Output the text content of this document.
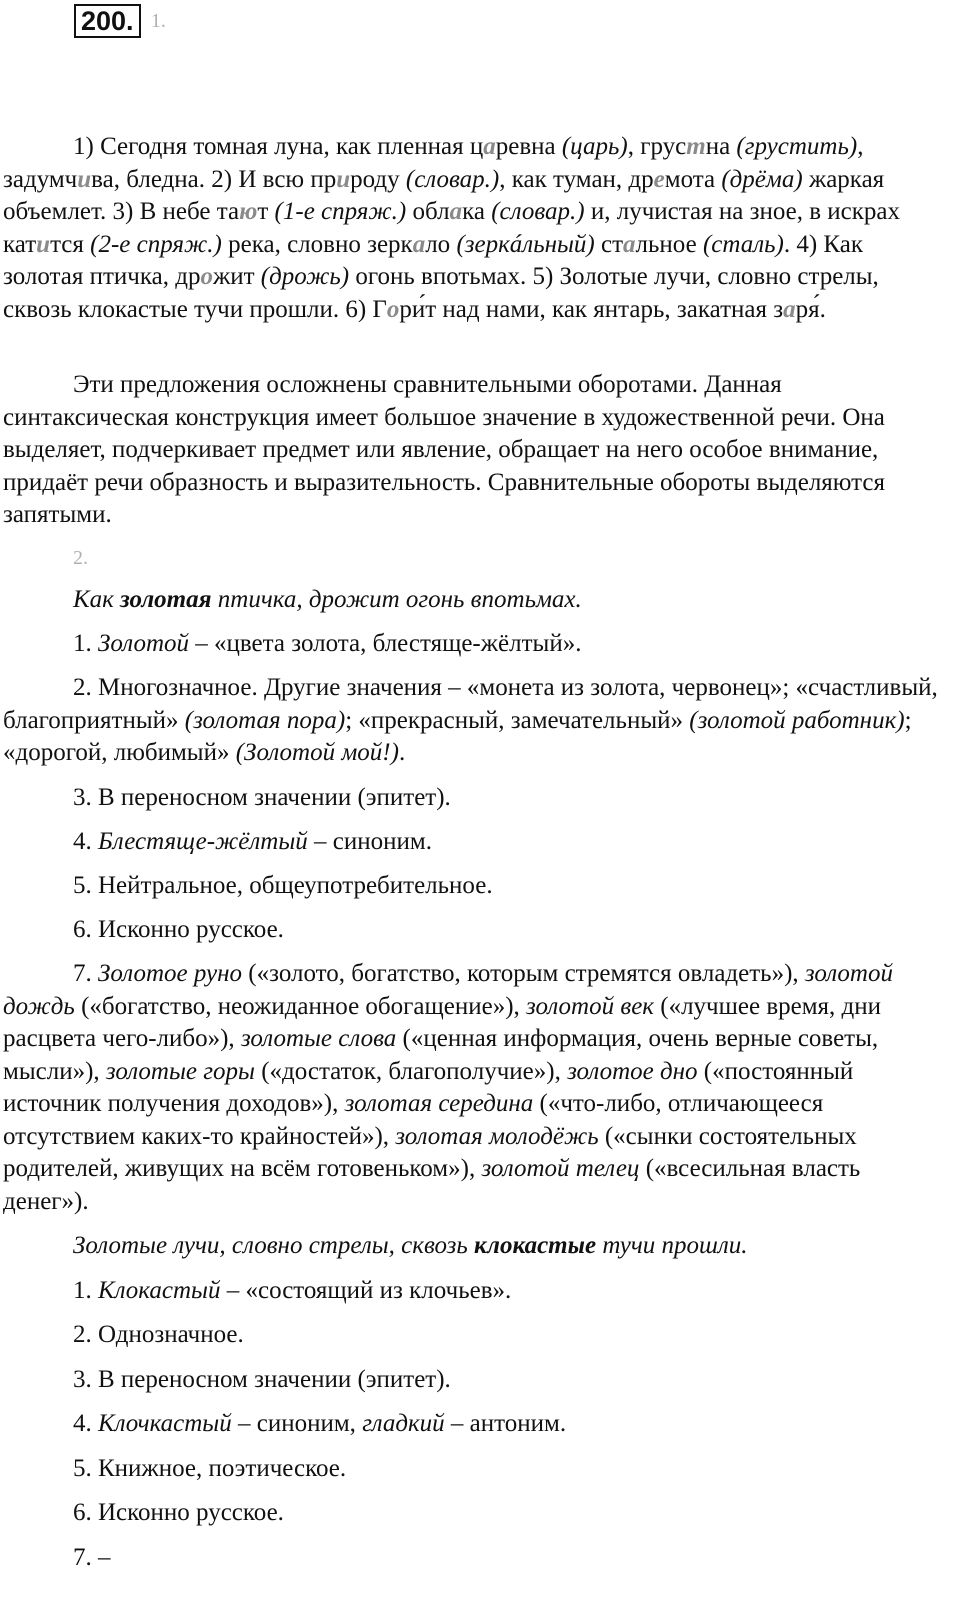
200. 1.

1) Сегодня томная луна, как пленная царевна (царь), грустна (грустить), задумчива, бледна. 2) И всю природу (словар.), как туман, дремота (дрёма) жаркая объемлет. 3) В небе тают (1-е спряж.) облака (словар.) и, лучистая на зное, в искрах катится (2-е спряж.) река, словно зеркало (зеркáльный) стальное (сталь). 4) Как золотая птичка, дрожит (дрожь) огонь впотьмах. 5) Золотые лучи, словно стрелы, сквозь клокастые тучи прошли. 6) Гори́т над нами, как янтарь, закатная заря́.

Эти предложения осложнены сравнительными оборотами. Данная синтаксическая конструкция имеет большое значение в художественной речи. Она выделяет, подчеркивает предмет или явление, обращает на него особое внимание, придаёт речи образность и выразительность. Сравнительные обороты выделяются запятыми.

2.

Как золотая птичка, дрожит огонь впотьмах.

1. Золотой – «цвета золота, блестяще-жёлтый».

2. Многозначное. Другие значения – «монета из золота, червонец»; «счастливый, благоприятный» (золотая пора); «прекрасный, замечательный» (золотой работник); «дорогой, любимый» (Золотой мой!).

3. В переносном значении (эпитет).

4. Блестяще-жёлтый – синоним.

5. Нейтральное, общеупотребительное.

6. Исконно русское.

7. Золотое руно («золото, богатство, которым стремятся овладеть»), золотой дождь («богатство, неожиданное обогащение»), золотой век («лучшее время, дни расцвета чего-либо»), золотые слова («ценная информация, очень верные советы, мысли»), золотые горы («достаток, благополучие»), золотое дно («постоянный источник получения доходов»), золотая середина («что-либо, отличающееся отсутствием каких-то крайностей»), золотая молодёжь («сынки состоятельных родителей, живущих на всём готовеньком»), золотой телец («всесильная власть денег»).

Золотые лучи, словно стрелы, сквозь клокастые тучи прошли.

1. Клокастый – «состоящий из клочьев».

2. Однозначное.

3. В переносном значении (эпитет).

4. Клочкастый – синоним, гладкий – антоним.

5. Книжное, поэтическое.

6. Исконно русское.

7. –
